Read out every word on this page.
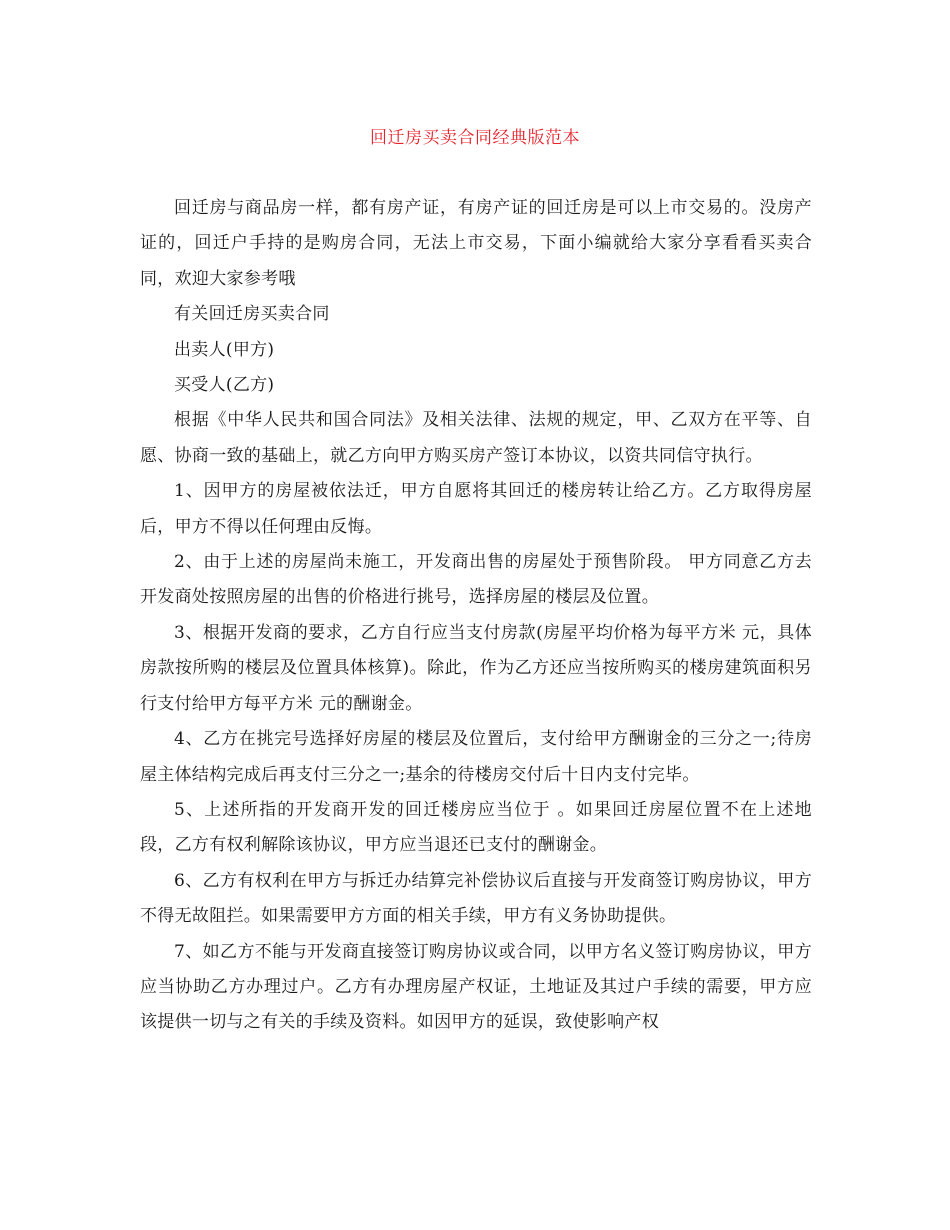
回迁房买卖合同经典版范本

回迁房与商品房一样，都有房产证，有房产证的回迁房是可以上市交易的。没房产证的，回迁户手持的是购房合同，无法上市交易，下面小编就给大家分享看看买卖合同，欢迎大家参考哦

有关回迁房买卖合同

出卖人(甲方)

买受人(乙方)

根据《中华人民共和国合同法》及相关法律、法规的规定，甲、乙双方在平等、自愿、协商一致的基础上，就乙方向甲方购买房产签订本协议，以资共同信守执行。

1、因甲方的房屋被依法迁，甲方自愿将其回迁的楼房转让给乙方。乙方取得房屋后，甲方不得以任何理由反悔。

2、由于上述的房屋尚未施工，开发商出售的房屋处于预售阶段。 甲方同意乙方去开发商处按照房屋的出售的价格进行挑号，选择房屋的楼层及位置。

3、根据开发商的要求，乙方自行应当支付房款(房屋平均价格为每平方米 元，具体房款按所购的楼层及位置具体核算)。除此，作为乙方还应当按所购买的楼房建筑面积另行支付给甲方每平方米 元的酬谢金。

4、乙方在挑完号选择好房屋的楼层及位置后，支付给甲方酬谢金的三分之一;待房屋主体结构完成后再支付三分之一;基余的待楼房交付后十日内支付完毕。

5、上述所指的开发商开发的回迁楼房应当位于 。如果回迁房屋位置不在上述地段，乙方有权利解除该协议，甲方应当退还已支付的酬谢金。

6、乙方有权利在甲方与拆迁办结算完补偿协议后直接与开发商签订购房协议，甲方不得无故阻拦。如果需要甲方方面的相关手续，甲方有义务协助提供。

7、如乙方不能与开发商直接签订购房协议或合同，以甲方名义签订购房协议，甲方应当协助乙方办理过户。乙方有办理房屋产权证，土地证及其过户手续的需要，甲方应该提供一切与之有关的手续及资料。如因甲方的延误，致使影响产权
